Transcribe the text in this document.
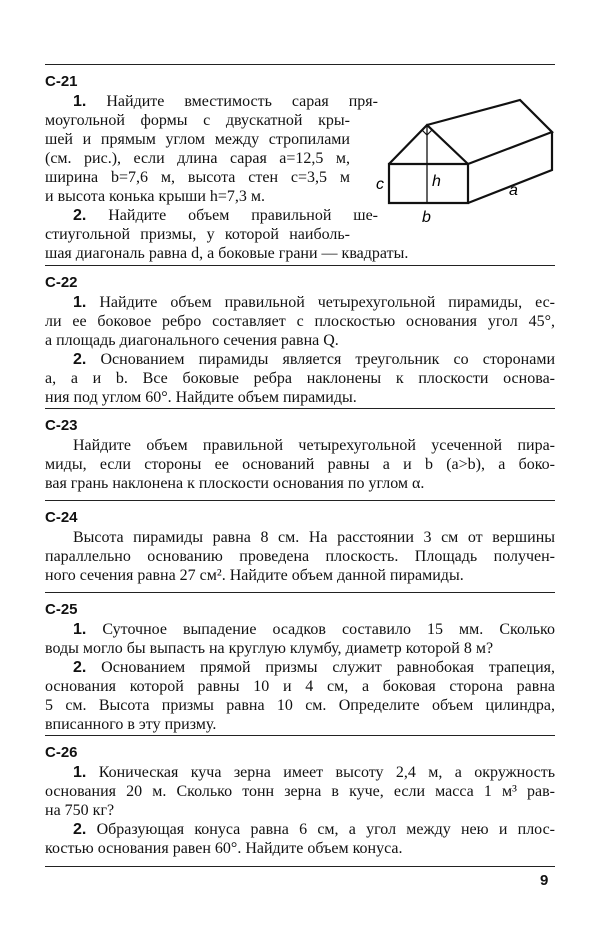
С-21
1. Найдите вместимость сарая пря-
моугольной формы с двускатной кры-
шей и прямым углом между стропилами
(см. рис.), если длина сарая a=12,5 м,
ширина b=7,6 м, высота стен c=3,5 м
и высота конька крыши h=7,3 м.
2. Найдите объем правильной ше-
стиугольной призмы, у которой наиболь-
шая диагональ равна d, а боковые грани — квадраты.
С-22
1. Найдите объем правильной четырехугольной пирамиды, ес-
ли ее боковое ребро составляет с плоскостью основания угол 45°,
а площадь диагонального сечения равна Q.
2. Основанием пирамиды является треугольник со сторонами
a, a и b. Все боковые ребра наклонены к плоскости основа-
ния под углом 60°. Найдите объем пирамиды.
С-23
Найдите объем правильной четырехугольной усеченной пира-
миды, если стороны ее оснований равны a и b (a>b), а боко-
вая грань наклонена к плоскости основания по углом α.
С-24
Высота пирамиды равна 8 см. На расстоянии 3 см от вершины
параллельно основанию проведена плоскость. Площадь получен-
ного сечения равна 27 см². Найдите объем данной пирамиды.
С-25
1. Суточное выпадение осадков составило 15 мм. Сколько
воды могло бы выпасть на круглую клумбу, диаметр которой 8 м?
2. Основанием прямой призмы служит равнобокая трапеция,
основания которой равны 10 и 4 см, а боковая сторона равна
5 см. Высота призмы равна 10 см. Определите объем цилиндра,
вписанного в эту призму.
С-26
1. Коническая куча зерна имеет высоту 2,4 м, а окружность
основания 20 м. Сколько тонн зерна в куче, если масса 1 м³ рав-
на 750 кг?
2. Образующая конуса равна 6 см, а угол между нею и плос-
костью основания равен 60°. Найдите объем конуса.
c	h
a
b
9
